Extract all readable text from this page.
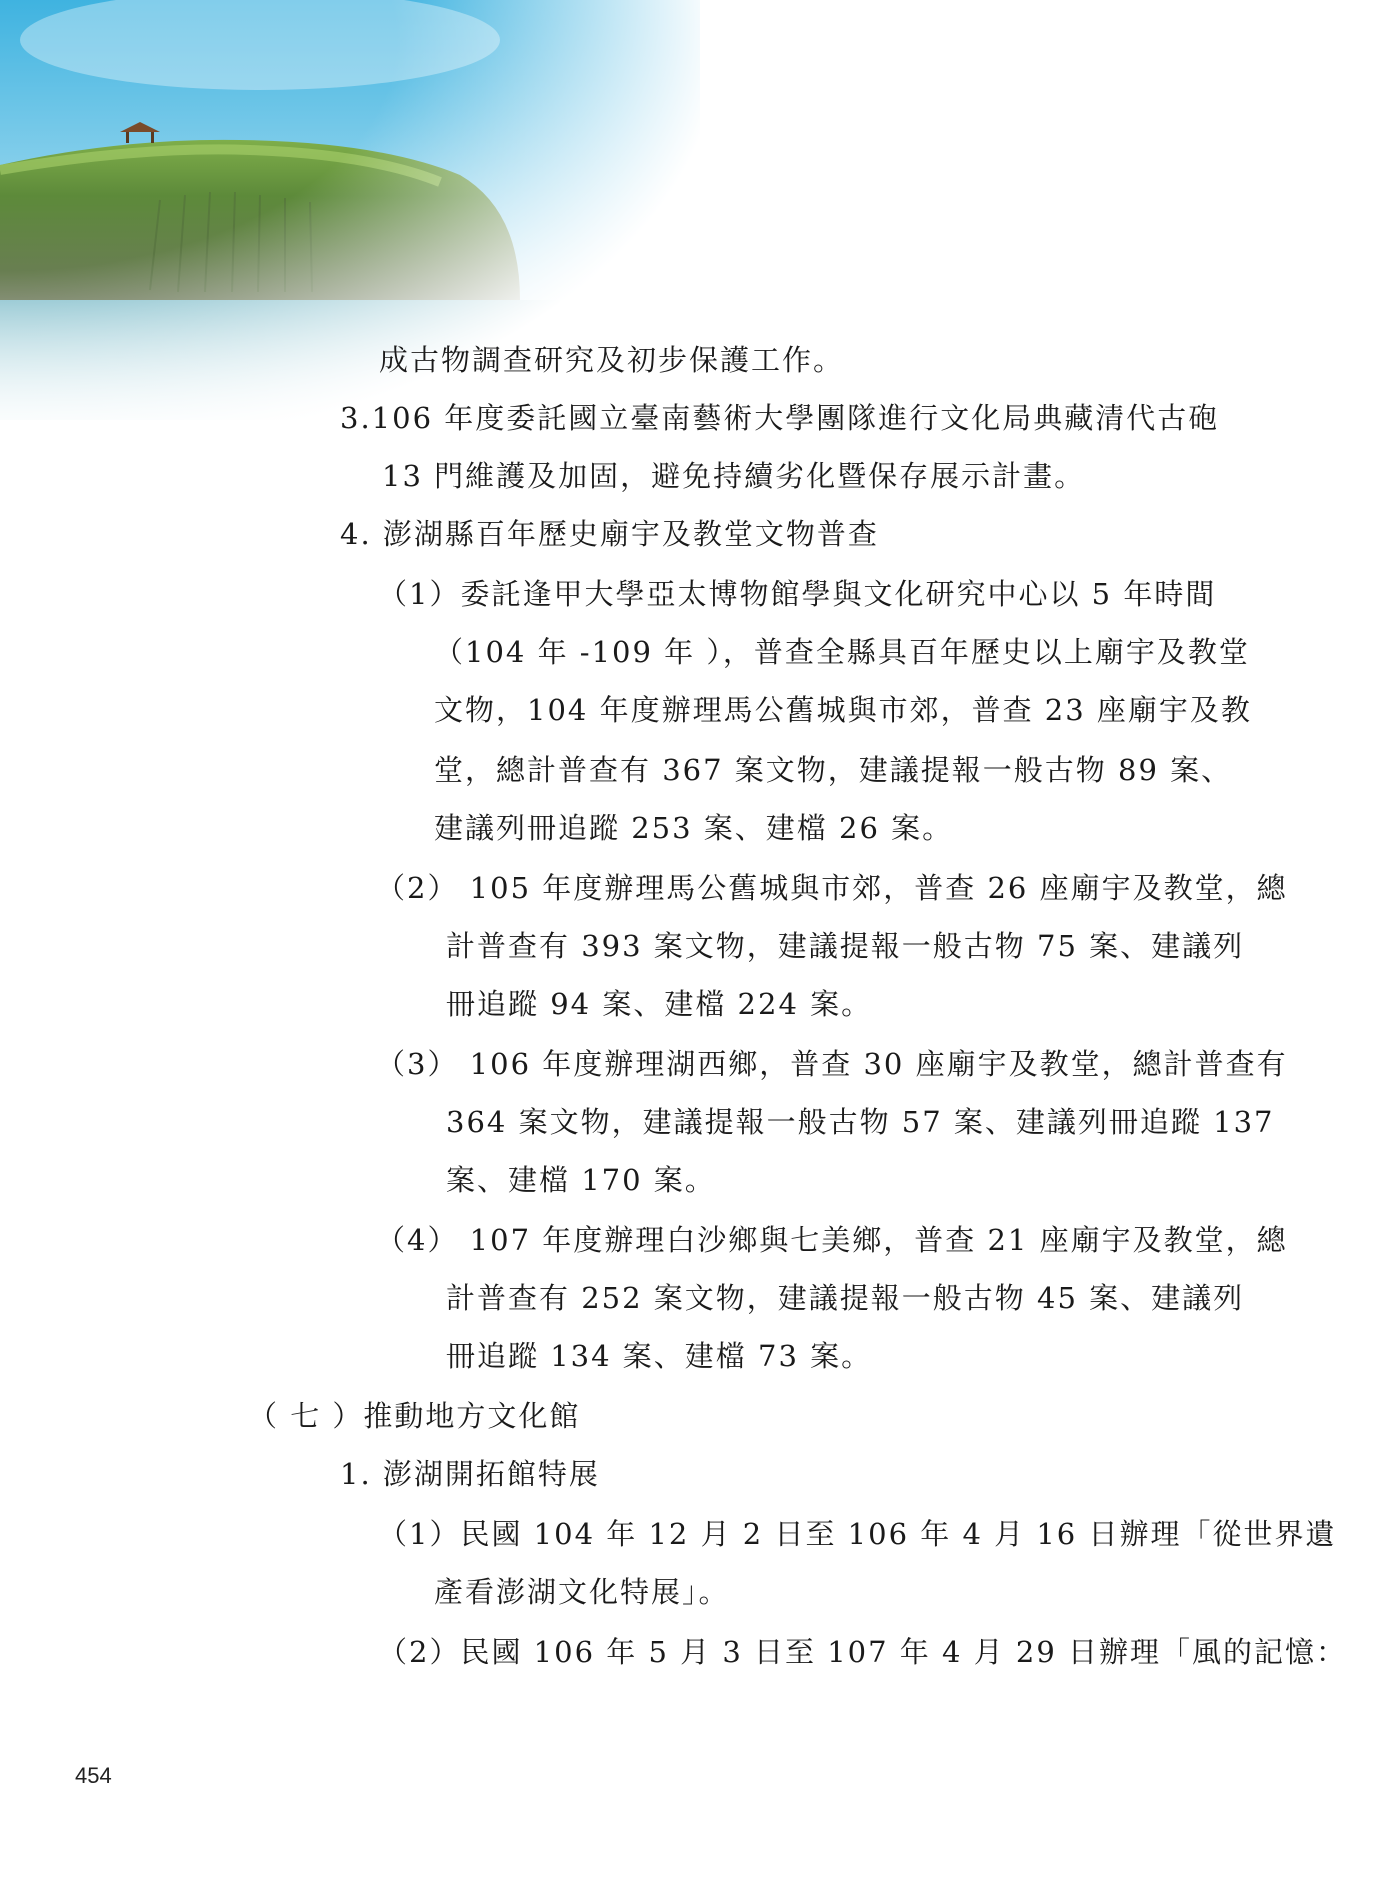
成古物調查研究及初步保護工作。
3.106 年度委託國立臺南藝術大學團隊進行文化局典藏清代古砲
13 門維護及加固，避免持續劣化暨保存展示計畫。
4. 澎湖縣百年歷史廟宇及教堂文物普查
（1）委託逢甲大學亞太博物館學與文化研究中心以 5 年時間
（104 年 -109 年 ），普查全縣具百年歷史以上廟宇及教堂
文物，104 年度辦理馬公舊城與市郊，普查 23 座廟宇及教
堂，總計普查有 367 案文物，建議提報一般古物 89 案、
建議列冊追蹤 253 案、建檔 26 案。
（2） 105 年度辦理馬公舊城與市郊，普查 26 座廟宇及教堂，總
計普查有 393 案文物，建議提報一般古物 75 案、建議列
冊追蹤 94 案、建檔 224 案。
（3） 106 年度辦理湖西鄉，普查 30 座廟宇及教堂，總計普查有
364 案文物，建議提報一般古物 57 案、建議列冊追蹤 137
案、建檔 170 案。
（4） 107 年度辦理白沙鄉與七美鄉，普查 21 座廟宇及教堂，總
計普查有 252 案文物，建議提報一般古物 45 案、建議列
冊追蹤 134 案、建檔 73 案。
（ 七 ）推動地方文化館
1. 澎湖開拓館特展
（1）民國 104 年 12 月 2 日至 106 年 4 月 16 日辦理「從世界遺
產看澎湖文化特展」。
（2）民國 106 年 5 月 3 日至 107 年 4 月 29 日辦理「風的記憶：
454
